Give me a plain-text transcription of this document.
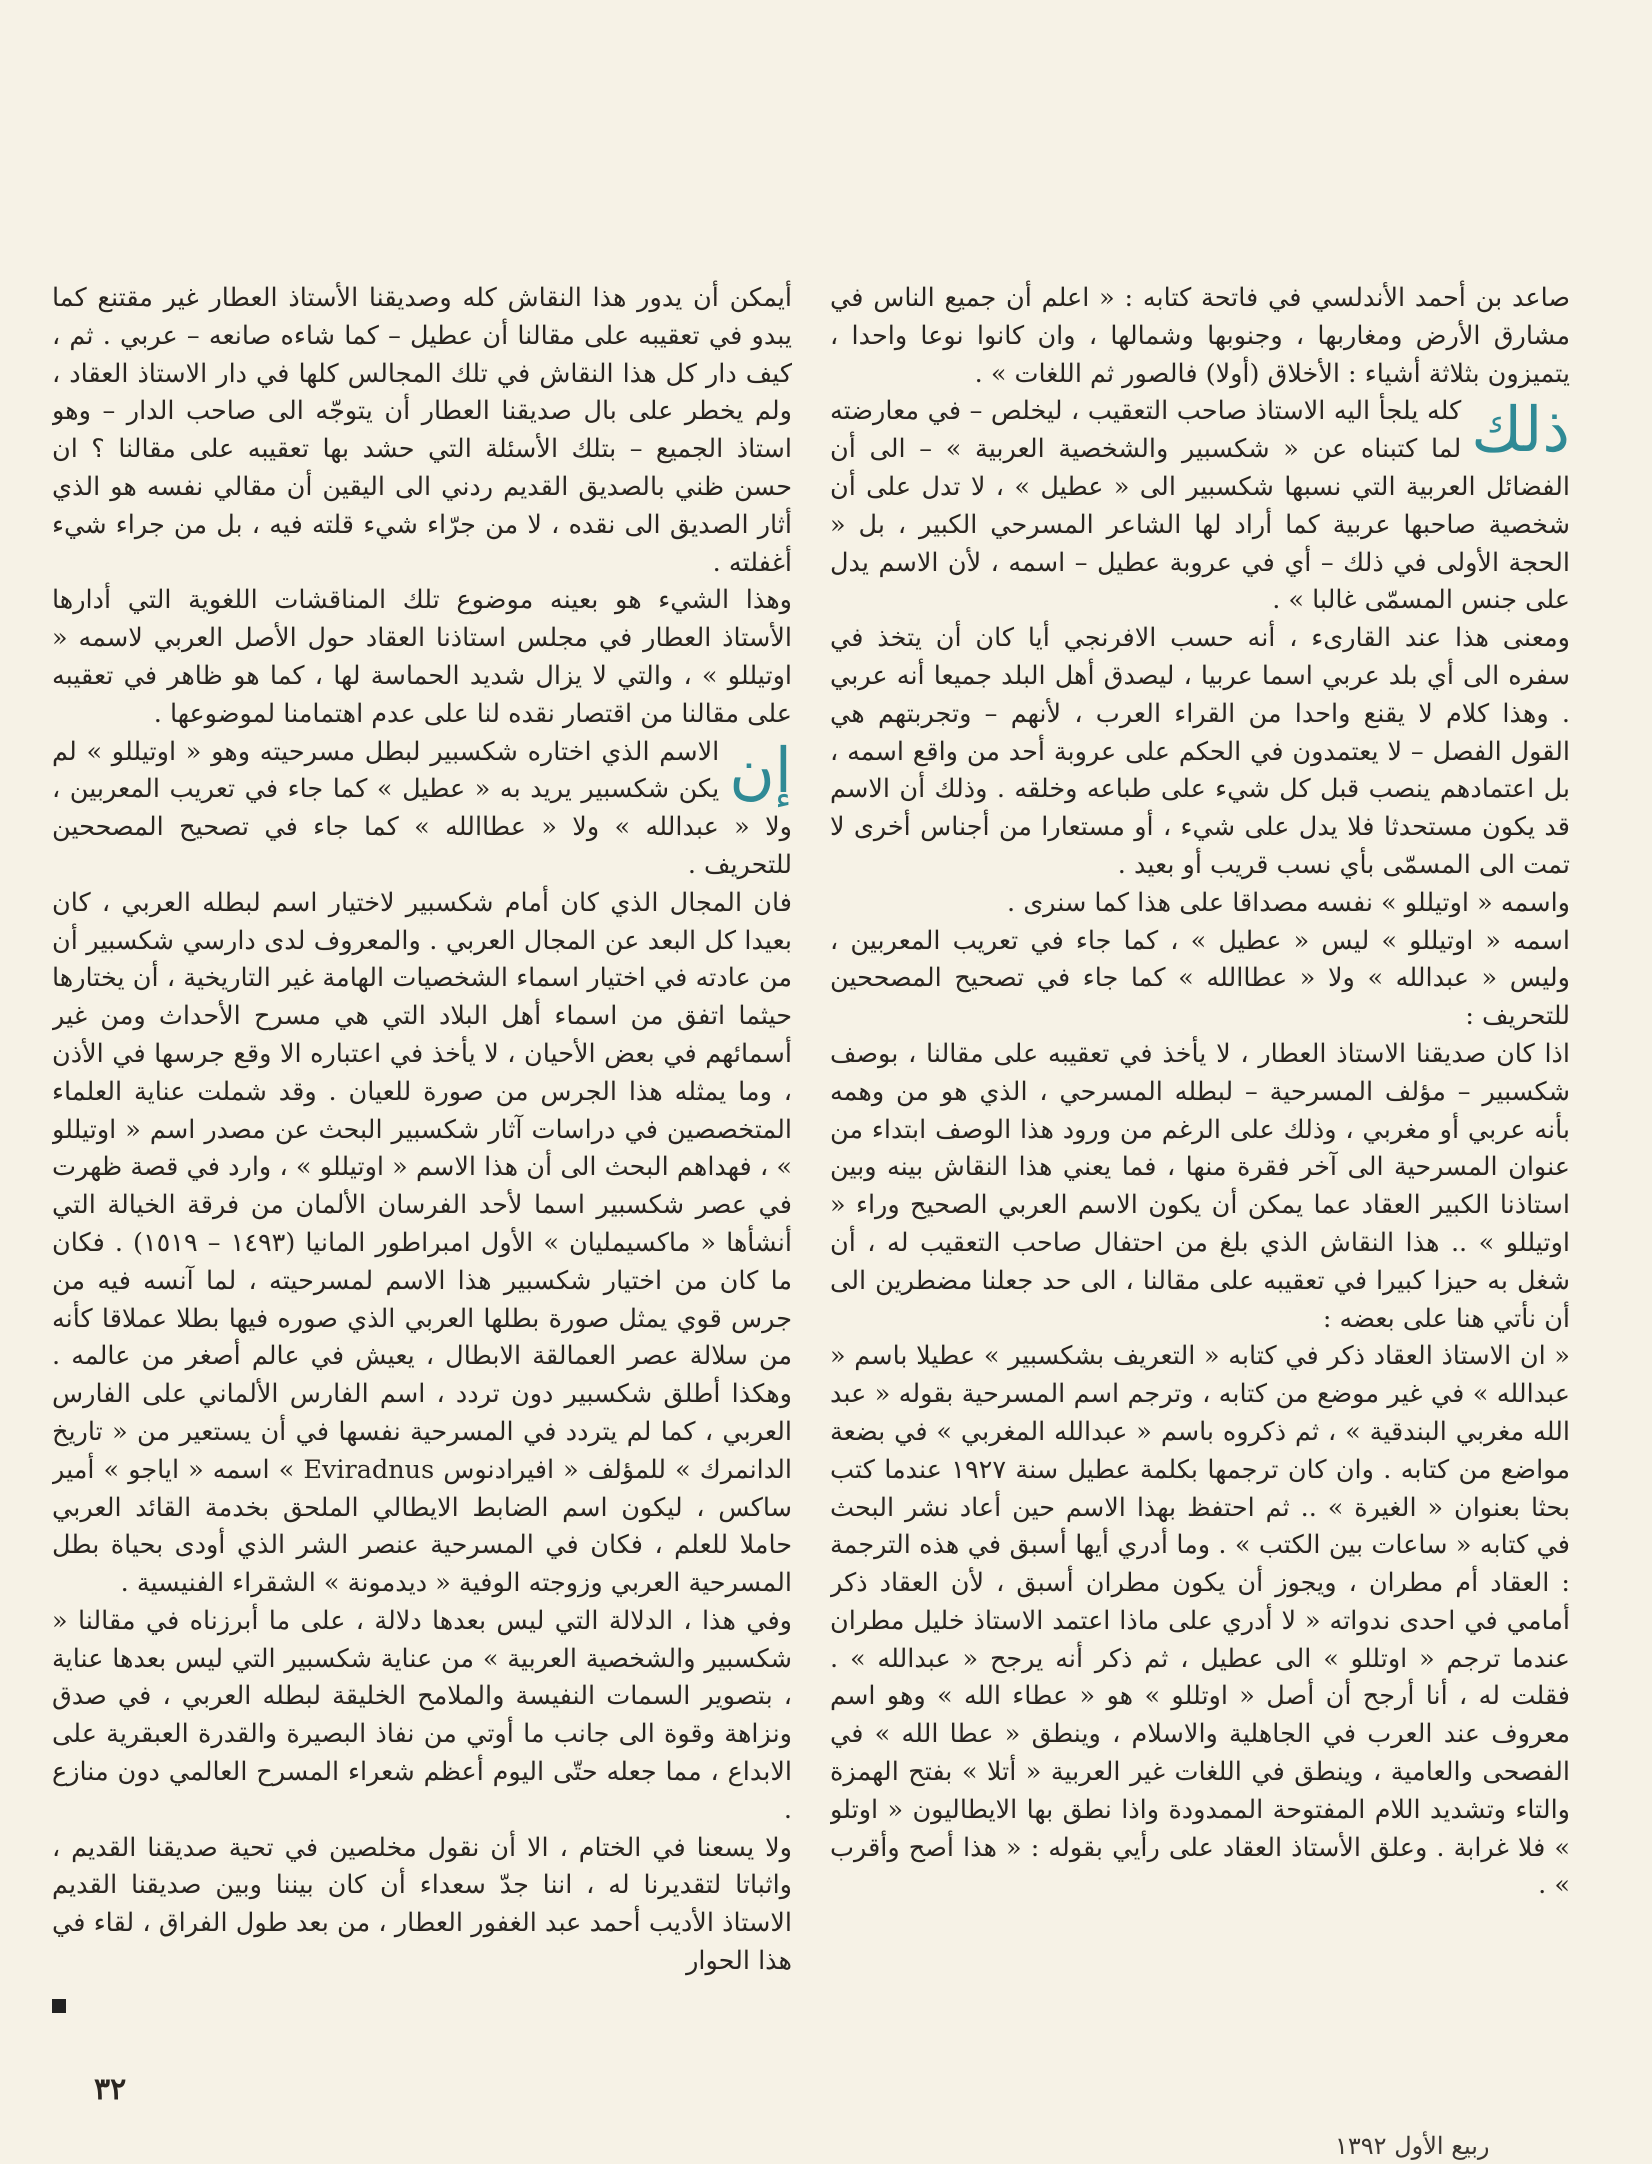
صاعد بن أحمد الأندلسي في فاتحة كتابه : « اعلم أن جميع الناس في مشارق الأرض ومغاربها ، وجنوبها وشمالها ، وان كانوا نوعا واحدا ، يتميزون بثلاثة أشياء : الأخلاق (أولا) فالصور ثم اللغات » .

ذلك
كله يلجأ اليه الاستاذ صاحب التعقيب ، ليخلص – في معارضته لما كتبناه عن « شكسبير والشخصية العربية » – الى أن الفضائل العربية التي نسبها شكسبير الى « عطيل » ، لا تدل على أن شخصية صاحبها عربية كما أراد لها الشاعر المسرحي الكبير ، بل « الحجة الأولى في ذلك – أي في عروبة عطيل – اسمه ، لأن الاسم يدل على جنس المسمّى غالبا » .

ومعنى هذا عند القارىء ، أنه حسب الافرنجي أيا كان أن يتخذ في سفره الى أي بلد عربي اسما عربيا ، ليصدق أهل البلد جميعا أنه عربي . وهذا كلام لا يقنع واحدا من القراء العرب ، لأنهم – وتجربتهم هي القول الفصل – لا يعتمدون في الحكم على عروبة أحد من واقع اسمه ، بل اعتمادهم ينصب قبل كل شيء على طباعه وخلقه . وذلك أن الاسم قد يكون مستحدثا فلا يدل على شيء ، أو مستعارا من أجناس أخرى لا تمت الى المسمّى بأي نسب قريب أو بعيد .

واسمه « اوتيللو » نفسه مصداقا على هذا كما سنرى .

اسمه « اوتيللو » ليس « عطيل » ، كما جاء في تعريب المعربين ، وليس « عبدالله » ولا « عطاالله » كما جاء في تصحيح المصححين للتحريف :

اذا كان صديقنا الاستاذ العطار ، لا يأخذ في تعقيبه على مقالنا ، بوصف شكسبير – مؤلف المسرحية – لبطله المسرحي ، الذي هو من وهمه بأنه عربي أو مغربي ، وذلك على الرغم من ورود هذا الوصف ابتداء من عنوان المسرحية الى آخر فقرة منها ، فما يعني هذا النقاش بينه وبين استاذنا الكبير العقاد عما يمكن أن يكون الاسم العربي الصحيح وراء « اوتيللو » .. هذا النقاش الذي بلغ من احتفال صاحب التعقيب له ، أن شغل به حيزا كبيرا في تعقيبه على مقالنا ، الى حد جعلنا مضطرين الى أن نأتي هنا على بعضه :

« ان الاستاذ العقاد ذكر في كتابه « التعريف بشكسبير » عطيلا باسم « عبدالله » في غير موضع من كتابه ، وترجم اسم المسرحية بقوله « عبد الله مغربي البندقية » ، ثم ذكروه باسم « عبدالله المغربي » في بضعة مواضع من كتابه . وان كان ترجمها بكلمة عطيل سنة ١٩٢٧ عندما كتب بحثا بعنوان « الغيرة » .. ثم احتفظ بهذا الاسم حين أعاد نشر البحث في كتابه « ساعات بين الكتب » . وما أدري أيها أسبق في هذه الترجمة : العقاد أم مطران ، ويجوز أن يكون مطران أسبق ، لأن العقاد ذكر أمامي في احدى ندواته « لا أدري على ماذا اعتمد الاستاذ خليل مطران عندما ترجم « اوتللو » الى عطيل ، ثم ذكر أنه يرجح « عبدالله » . فقلت له ، أنا أرجح أن أصل « اوتللو » هو « عطاء الله » وهو اسم معروف عند العرب في الجاهلية والاسلام ، وينطق « عطا الله » في الفصحى والعامية ، وينطق في اللغات غير العربية « أتلا » بفتح الهمزة والتاء وتشديد اللام المفتوحة الممدودة واذا نطق بها الايطاليون « اوتلو » فلا غرابة . وعلق الأستاذ العقاد على رأيي بقوله : « هذا أصح وأقرب » .

أيمكن أن يدور هذا النقاش كله وصديقنا الأستاذ العطار غير مقتنع كما يبدو في تعقيبه على مقالنا أن عطيل – كما شاءه صانعه – عربي . ثم ، كيف دار كل هذا النقاش في تلك المجالس كلها في دار الاستاذ العقاد ، ولم يخطر على بال صديقنا العطار أن يتوجّه الى صاحب الدار – وهو استاذ الجميع – بتلك الأسئلة التي حشد بها تعقيبه على مقالنا ؟ ان حسن ظني بالصديق القديم ردني الى اليقين أن مقالي نفسه هو الذي أثار الصديق الى نقده ، لا من جرّاء شيء قلته فيه ، بل من جراء شيء أغفلته .

وهذا الشيء هو بعينه موضوع تلك المناقشات اللغوية التي أدارها الأستاذ العطار في مجلس استاذنا العقاد حول الأصل العربي لاسمه « اوتيللو » ، والتي لا يزال شديد الحماسة لها ، كما هو ظاهر في تعقيبه على مقالنا من اقتصار نقده لنا على عدم اهتمامنا لموضوعها .

إن
الاسم الذي اختاره شكسبير لبطل مسرحيته وهو « اوتيللو » لم يكن شكسبير يريد به « عطيل » كما جاء في تعريب المعربين ، ولا « عبدالله » ولا « عطاالله » كما جاء في تصحيح المصححين للتحريف .

فان المجال الذي كان أمام شكسبير لاختيار اسم لبطله العربي ، كان بعيدا كل البعد عن المجال العربي . والمعروف لدى دارسي شكسبير أن من عادته في اختيار اسماء الشخصيات الهامة غير التاريخية ، أن يختارها حيثما اتفق من اسماء أهل البلاد التي هي مسرح الأحداث ومن غير أسمائهم في بعض الأحيان ، لا يأخذ في اعتباره الا وقع جرسها في الأذن ، وما يمثله هذا الجرس من صورة للعيان . وقد شملت عناية العلماء المتخصصين في دراسات آثار شكسبير البحث عن مصدر اسم « اوتيللو » ، فهداهم البحث الى أن هذا الاسم « اوتيللو » ، وارد في قصة ظهرت في عصر شكسبير اسما لأحد الفرسان الألمان من فرقة الخيالة التي أنشأها « ماكسيمليان » الأول امبراطور المانيا (١٤٩٣ – ١٥١٩) . فكان ما كان من اختيار شكسبير هذا الاسم لمسرحيته ، لما آنسه فيه من جرس قوي يمثل صورة بطلها العربي الذي صوره فيها بطلا عملاقا كأنه من سلالة عصر العمالقة الابطال ، يعيش في عالم أصغر من عالمه . وهكذا أطلق شكسبير دون تردد ، اسم الفارس الألماني على الفارس العربي ، كما لم يتردد في المسرحية نفسها في أن يستعير من « تاريخ الدانمرك » للمؤلف « افيرادنوس Eviradnus » اسمه « اياجو » أمير ساكس ، ليكون اسم الضابط الايطالي الملحق بخدمة القائد العربي حاملا للعلم ، فكان في المسرحية عنصر الشر الذي أودى بحياة بطل المسرحية العربي وزوجته الوفية « ديدمونة » الشقراء الفنيسية .

وفي هذا ، الدلالة التي ليس بعدها دلالة ، على ما أبرزناه في مقالنا « شكسبير والشخصية العربية » من عناية شكسبير التي ليس بعدها عناية ، بتصوير السمات النفيسة والملامح الخليقة لبطله العربي ، في صدق ونزاهة وقوة الى جانب ما أوتي من نفاذ البصيرة والقدرة العبقرية على الابداع ، مما جعله حتّى اليوم أعظم شعراء المسرح العالمي دون منازع .

ولا يسعنا في الختام ، الا أن نقول مخلصين في تحية صديقنا القديم ، واثباتا لتقديرنا له ، اننا جدّ سعداء أن كان بيننا وبين صديقنا القديم الاستاذ الأديب أحمد عبد الغفور العطار ، من بعد طول الفراق ، لقاء في هذا الحوار

٣٢
ربيع الأول ١٣٩٢
